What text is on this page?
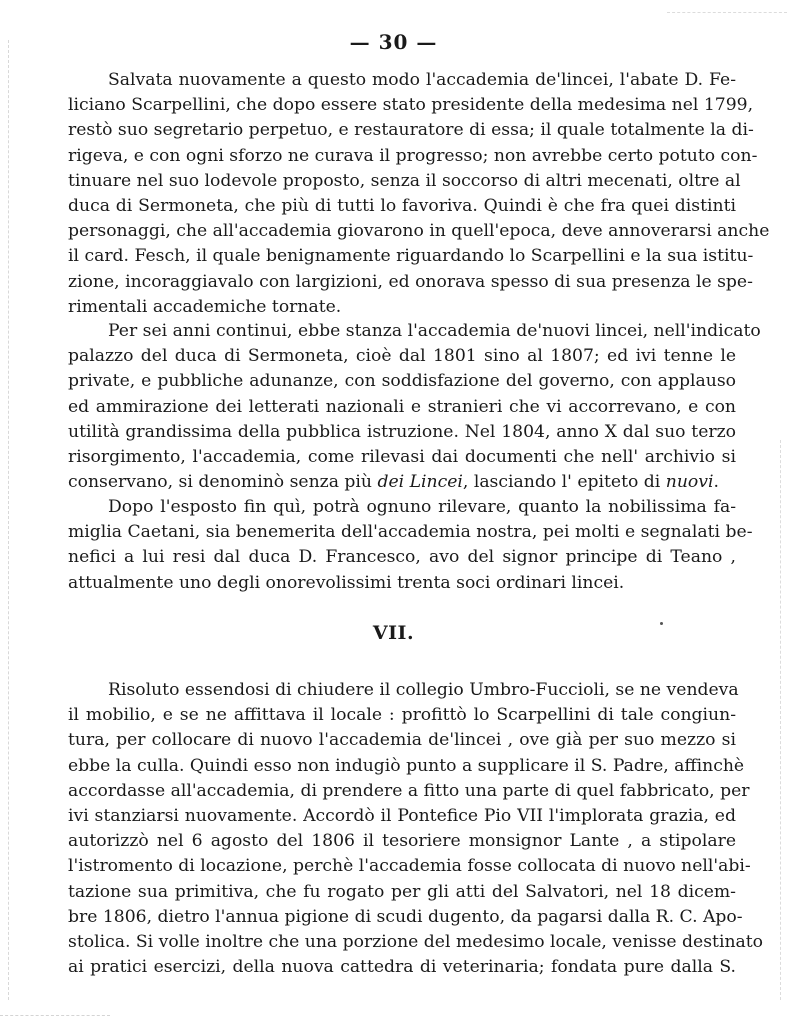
— 30 —
Salvata nuovamente a questo modo l'accademia de'lincei, l'abate D. Fe-
liciano Scarpellini, che dopo essere stato presidente della medesima nel 1799,
restò suo segretario perpetuo, e restauratore di essa; il quale totalmente la di-
rigeva, e con ogni sforzo ne curava il progresso; non avrebbe certo potuto con-
tinuare nel suo lodevole proposto, senza il soccorso di altri mecenati, oltre al
duca di Sermoneta, che più di tutti lo favoriva. Quindi è che fra quei distinti
personaggi, che all'accademia giovarono in quell'epoca, deve annoverarsi anche
il card. Fesch, il quale benignamente riguardando lo Scarpellini e la sua istitu-
zione, incoraggiavalo con largizioni, ed onorava spesso di sua presenza le spe-
rimentali accademiche tornate.
Per sei anni continui, ebbe stanza l'accademia de'nuovi lincei, nell'indicato
palazzo del duca di Sermoneta, cioè dal 1801 sino al 1807; ed ivi tenne le
private, e pubbliche adunanze, con soddisfazione del governo, con applauso
ed ammirazione dei letterati nazionali e stranieri che vi accorrevano, e con
utilità grandissima della pubblica istruzione. Nel 1804, anno X dal suo terzo
risorgimento, l'accademia, come rilevasi dai documenti che nell' archivio si
conservano, si denominò senza più dei Lincei, lasciando l' epiteto di nuovi.
Dopo l'esposto fin quì, potrà ognuno rilevare, quanto la nobilissima fa-
miglia Caetani, sia benemerita dell'accademia nostra, pei molti e segnalati be-
nefici a lui resi dal duca D. Francesco, avo del signor principe di Teano ,
attualmente uno degli onorevolissimi trenta soci ordinari lincei.
VII.
Risoluto essendosi di chiudere il collegio Umbro-Fuccioli, se ne vendeva
il mobilio, e se ne affittava il locale : profittò lo Scarpellini di tale congiun-
tura, per collocare di nuovo l'accademia de'lincei , ove già per suo mezzo si
ebbe la culla. Quindi esso non indugiò punto a supplicare il S. Padre, affinchè
accordasse all'accademia, di prendere a fitto una parte di quel fabbricato, per
ivi stanziarsi nuovamente. Accordò il Pontefice Pio VII l'implorata grazia, ed
autorizzò nel 6 agosto del 1806 il tesoriere monsignor Lante , a stipolare
l'istromento di locazione, perchè l'accademia fosse collocata di nuovo nell'abi-
tazione sua primitiva, che fu rogato per gli atti del Salvatori, nel 18 dicem-
bre 1806, dietro l'annua pigione di scudi dugento, da pagarsi dalla R. C. Apo-
stolica. Si volle inoltre che una porzione del medesimo locale, venisse destinato
ai pratici esercizi, della nuova cattedra di veterinaria; fondata pure dalla S.
